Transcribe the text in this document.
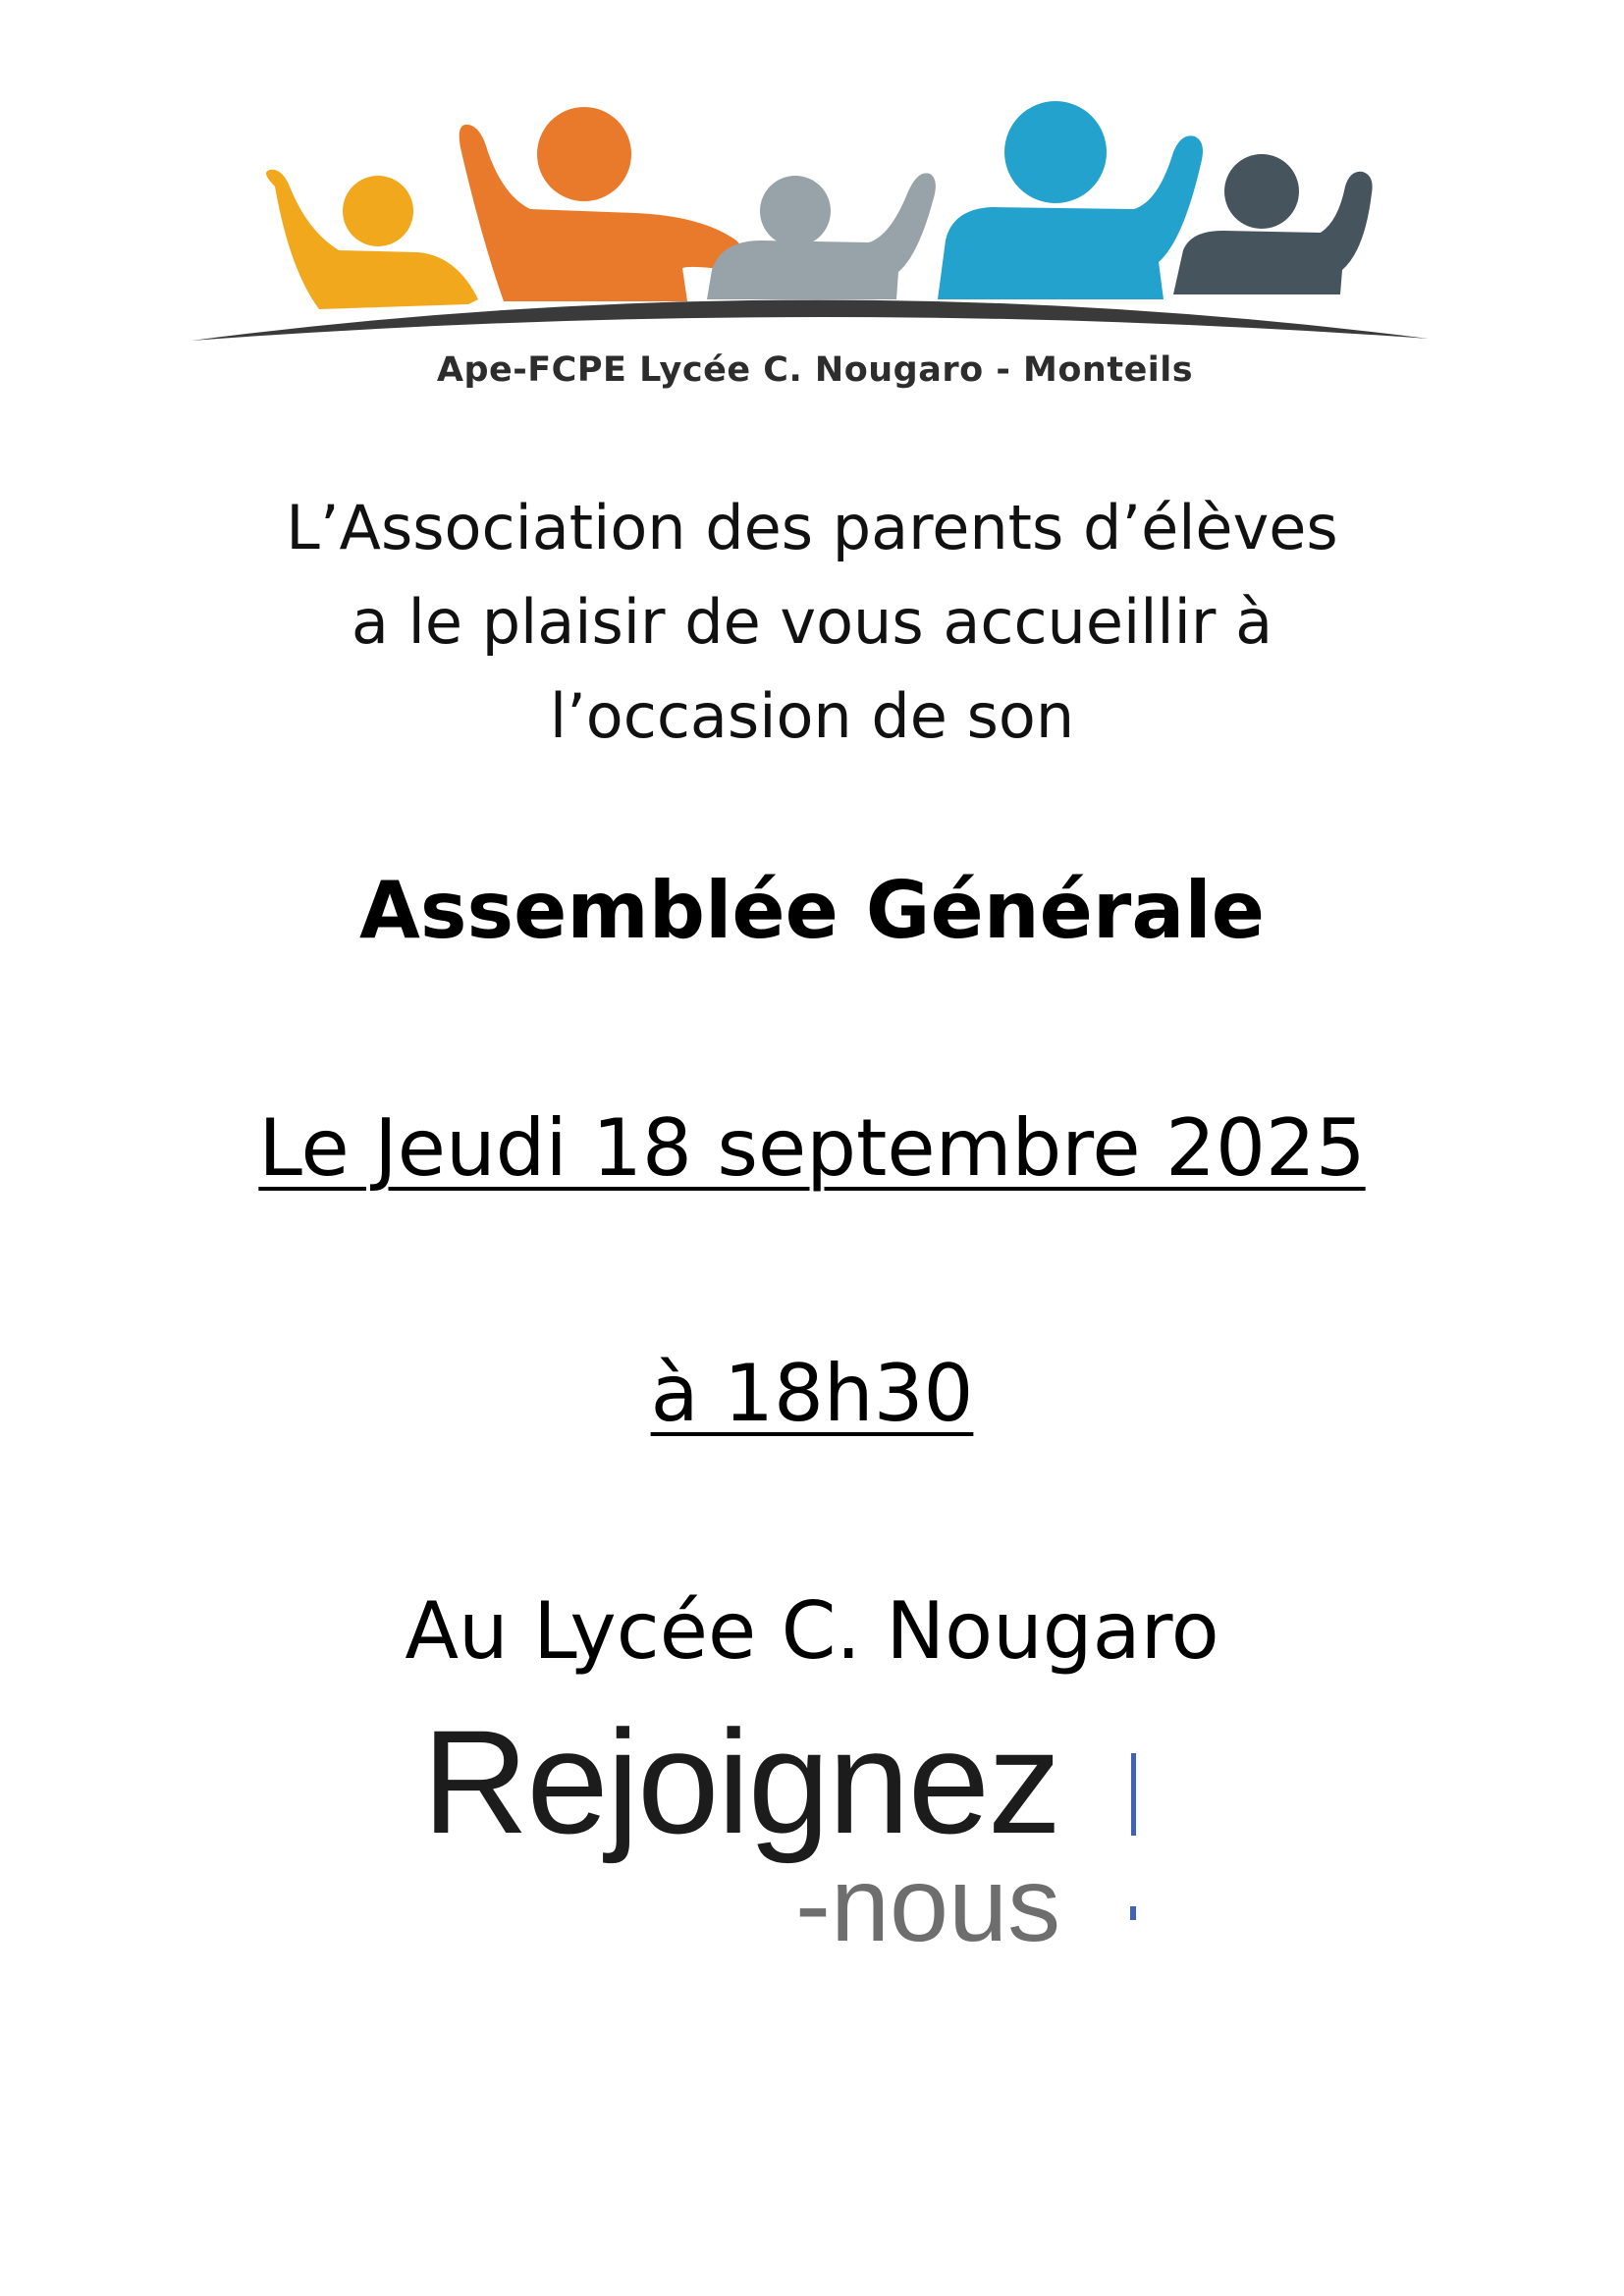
Ape-FCPE Lycée C. Nougaro - Monteils
L’Association des parents d’élèves
a le plaisir de vous accueillir à
l’occasion de son
Assemblée Générale
Le Jeudi 18 septembre 2025
à 18h30
Au Lycée C. Nougaro
Rejoignez
-nous
